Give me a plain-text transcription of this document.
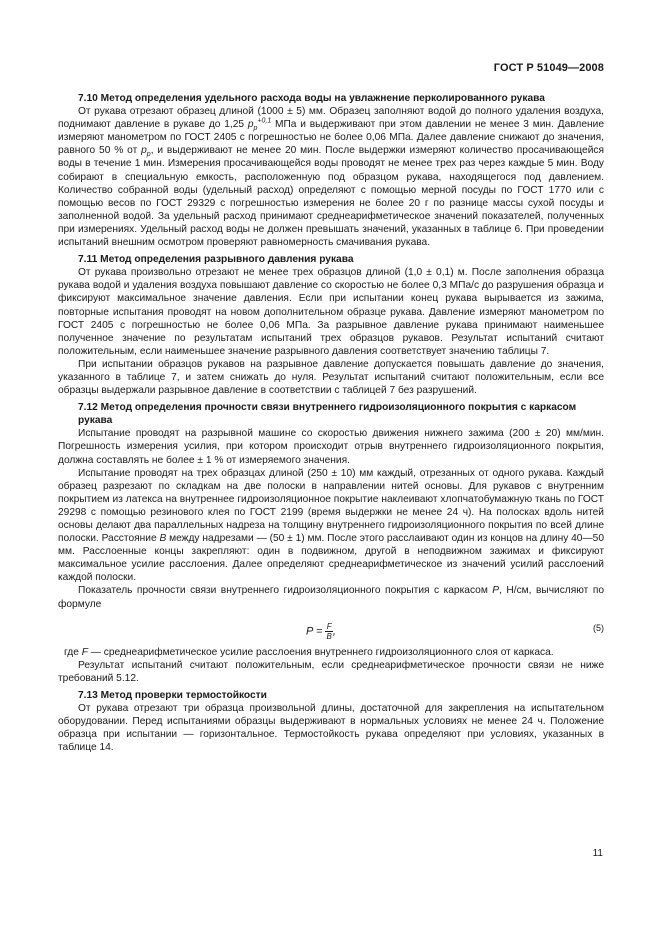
ГОСТ Р 51049—2008
7.10 Метод определения удельного расхода воды на увлажнение перколированного рукава

От рукава отрезают образец длиной (1000 ± 5) мм. Образец заполняют водой до полного удаления воздуха, поднимают давление в рукаве до 1,25 $p_р^{+0,1}$ МПа и выдерживают при этом давлении не менее 3 мин. Давление измеряют манометром по ГОСТ 2405 с погрешностью не более 0,06 МПа. Далее давление снижают до значения, равного 50 % от $p_р$, и выдерживают не менее 20 мин. После выдержки измеряют количество просачивающейся воды в течение 1 мин. Измерения просачивающейся воды проводят не менее трех раз через каждые 5 мин. Воду собирают в специальную емкость, расположенную под образцом рукава, находящегося под давлением. Количество собранной воды (удельный расход) определяют с помощью мерной посуды по ГОСТ 1770 или с помощью весов по ГОСТ 29329 с погрешностью измерения не более 20 г по разнице массы сухой посуды и заполненной водой. За удельный расход принимают среднеарифметическое значений показателей, полученных при измерениях. Удельный расход воды не должен превышать значений, указанных в таблице 6. При проведении испытаний внешним осмотром проверяют равномерность смачивания рукава.

7.11 Метод определения разрывного давления рукава

От рукава произвольно отрезают не менее трех образцов длиной (1,0 ± 0,1) м. После заполнения образца рукава водой и удаления воздуха повышают давление со скоростью не более 0,3 МПа/с до разрушения образца и фиксируют максимальное значение давления. Если при испытании конец рукава вырывается из зажима, повторные испытания проводят на новом дополнительном образце рукава. Давление измеряют манометром по ГОСТ 2405 с погрешностью не более 0,06 МПа. За разрывное давление рукава принимают наименьшее полученное значение по результатам испытаний трех образцов рукавов. Результат испытаний считают положительным, если наименьшее значение разрывного давления соответствует значению таблицы 7.

При испытании образцов рукавов на разрывное давление допускается повышать давление до значения, указанного в таблице 7, и затем снижать до нуля. Результат испытаний считают положительным, если все образцы выдержали разрывное давление в соответствии с таблицей 7 без разрушений.

7.12 Метод определения прочности связи внутреннего гидроизоляционного покрытия с каркасом рукава

Испытание проводят на разрывной машине со скоростью движения нижнего зажима (200 ± 20) мм/мин. Погрешность измерения усилия, при котором происходит отрыв внутреннего гидроизоляционного покрытия, должна составлять не более ± 1 % от измеряемого значения.

Испытание проводят на трех образцах длиной (250 ± 10) мм каждый, отрезанных от одного рукава. Каждый образец разрезают по складкам на две полоски в направлении нитей основы. Для рукавов с внутренним покрытием из латекса на внутреннее гидроизоляционное покрытие наклеивают хлопчатобумажную ткань по ГОСТ 29298 с помощью резинового клея по ГОСТ 2199 (время выдержки не менее 24 ч). На полосках вдоль нитей основы делают два параллельных надреза на толщину внутреннего гидроизоляционного покрытия по всей длине полоски. Расстояние В между надрезами — (50 ± 1) мм. После этого расслаивают один из концов на длину 40—50 мм. Расслоенные концы закрепляют: один в подвижном, другой в неподвижном зажимах и фиксируют максимальное усилие расслоения. Далее определяют среднеарифметическое из значений усилий расслоений каждой полоски.

Показатель прочности связи внутреннего гидроизоляционного покрытия с каркасом Р, Н/см, вычисляют по формуле

$P = \frac{F}{B}$ ,	(5)

где F — среднеарифметическое усилие расслоения внутреннего гидроизоляционного слоя от каркаса.

Результат испытаний считают положительным, если среднеарифметическое прочности связи не ниже требований 5.12.

7.13 Метод проверки термостойкости

От рукава отрезают три образца произвольной длины, достаточной для закрепления на испытательном оборудовании. Перед испытаниями образцы выдерживают в нормальных условиях не менее 24 ч. Положение образца при испытании — горизонтальное. Термостойкость рукава определяют при условиях, указанных в таблице 14.

11
